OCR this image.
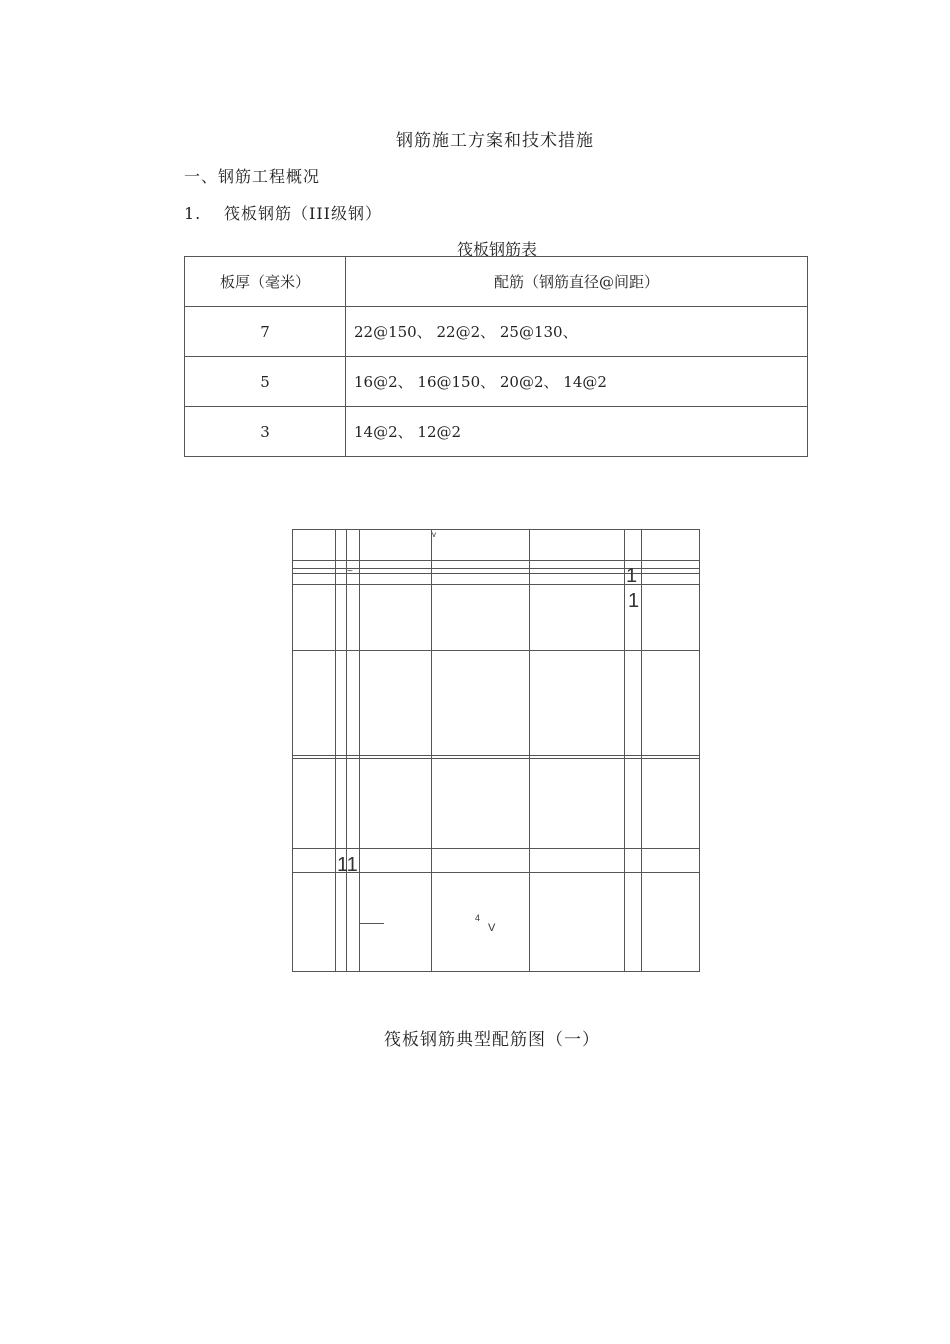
钢筋施工方案和技术措施
一、钢筋工程概况
1. 筏板钢筋（III级钢）
筏板钢筋表
板厚（毫米）	配筋（钢筋直径@间距）
7	22@150、 22@2、 25@130、
5	16@2、 16@150、 20@2、 14@2
3	14@2、 12@2
v
~	1
1
11
4
V
筏板钢筋典型配筋图（一）
